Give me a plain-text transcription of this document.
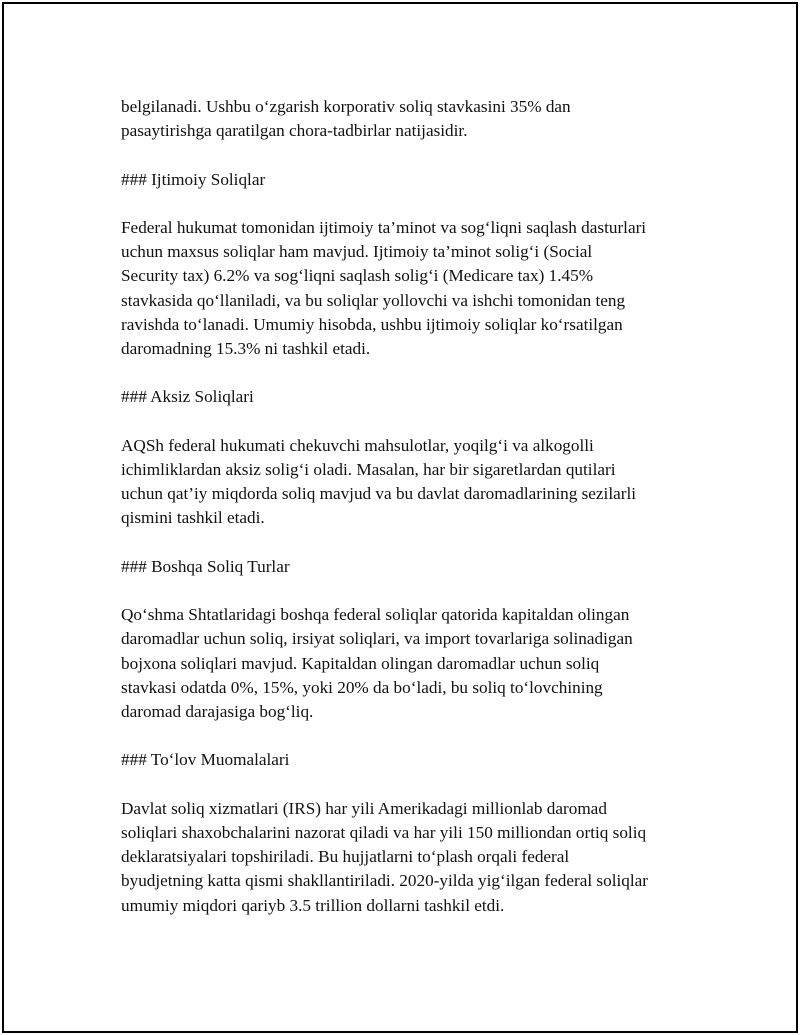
belgilanadi. Ushbu o‘zgarish korporativ soliq stavkasini 35% dan
pasaytirishga qaratilgan chora-tadbirlar natijasidir.

### Ijtimoiy Soliqlar

Federal hukumat tomonidan ijtimoiy ta’minot va sog‘liqni saqlash dasturlari
uchun maxsus soliqlar ham mavjud. Ijtimoiy ta’minot solig‘i (Social
Security tax) 6.2% va sog‘liqni saqlash solig‘i (Medicare tax) 1.45%
stavkasida qo‘llaniladi, va bu soliqlar yollovchi va ishchi tomonidan teng
ravishda to‘lanadi. Umumiy hisobda, ushbu ijtimoiy soliqlar ko‘rsatilgan
daromadning 15.3% ni tashkil etadi.

### Aksiz Soliqlari

AQSh federal hukumati chekuvchi mahsulotlar, yoqilg‘i va alkogolli
ichimliklardan aksiz solig‘i oladi. Masalan, har bir sigaretlardan qutilari
uchun qat’iy miqdorda soliq mavjud va bu davlat daromadlarining sezilarli
qismini tashkil etadi.

### Boshqa Soliq Turlar

Qo‘shma Shtatlaridagi boshqa federal soliqlar qatorida kapitaldan olingan
daromadlar uchun soliq, irsiyat soliqlari, va import tovarlariga solinadigan
bojxona soliqlari mavjud. Kapitaldan olingan daromadlar uchun soliq
stavkasi odatda 0%, 15%, yoki 20% da bo‘ladi, bu soliq to‘lovchining
daromad darajasiga bog‘liq.

### To‘lov Muomalalari

Davlat soliq xizmatlari (IRS) har yili Amerikadagi millionlab daromad
soliqlari shaxobchalarini nazorat qiladi va har yili 150 milliondan ortiq soliq
deklaratsiyalari topshiriladi. Bu hujjatlarni to‘plash orqali federal
byudjetning katta qismi shakllantiriladi. 2020-yilda yig‘ilgan federal soliqlar
umumiy miqdori qariyb 3.5 trillion dollarni tashkil etdi.
